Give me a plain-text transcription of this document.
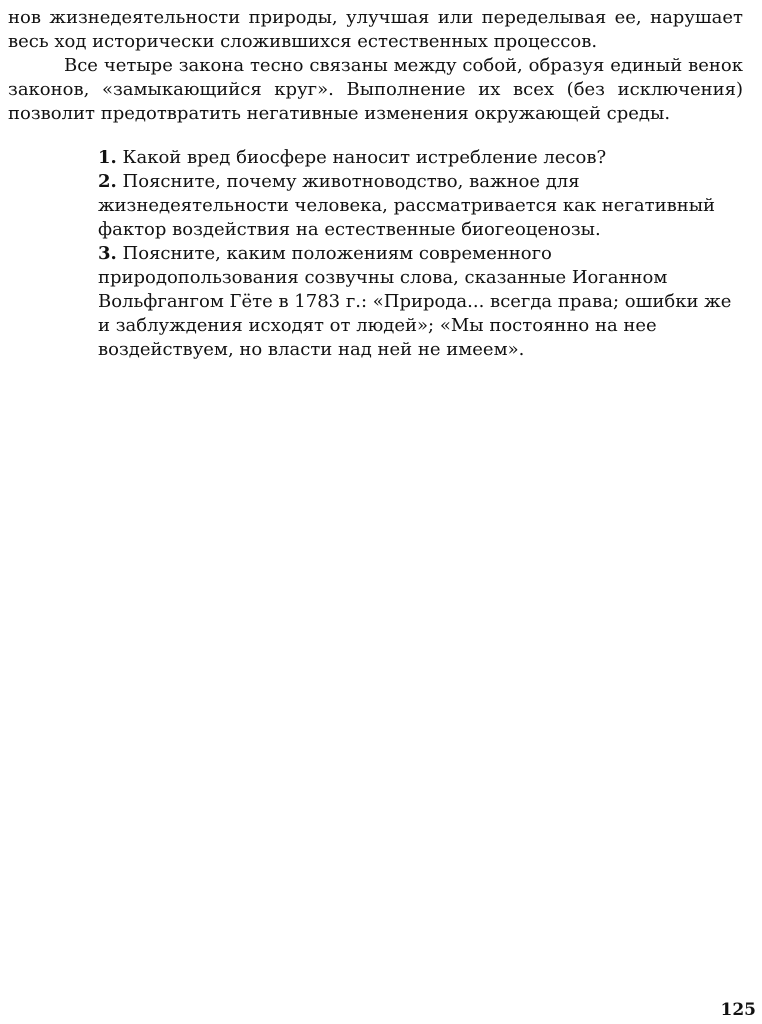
нов жизнедеятельности природы, улучшая или переделывая ее, нарушает весь ход исторически сложившихся естественных процессов.

Все четыре закона тесно связаны между собой, образуя единый венок законов, «замыкающийся круг». Выполнение их всех (без исключения) позволит предотвратить негативные изменения окружающей среды.

1. Какой вред биосфере наносит истребление лесов?

2. Поясните, почему животноводство, важное для жизнедеятельности человека, рассматривается как негативный фактор воздействия на естественные биогеоценозы.

3. Поясните, каким положениям современного природопользования созвучны слова, сказанные Иоганном Вольфгангом Гёте в 1783 г.: «Природа... всегда права; ошибки же и заблуждения исходят от людей»; «Мы постоянно на нее воздействуем, но власти над ней не имеем».

125
